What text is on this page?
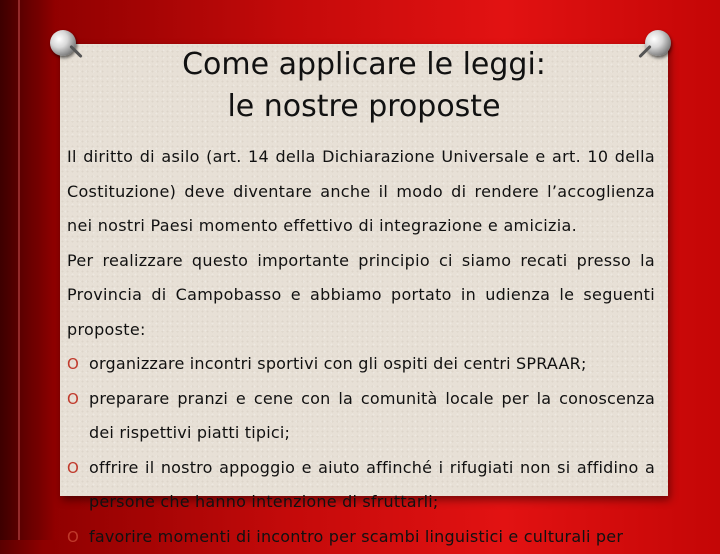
Come applicare le leggi:
le nostre proposte

Il diritto di asilo (art. 14 della Dichiarazione Universale e art. 10 della Costituzione) deve diventare anche il modo di rendere l’accoglienza nei nostri Paesi momento effettivo di integrazione e amicizia.

Per realizzare questo importante principio ci siamo recati presso la Provincia di Campobasso e abbiamo portato in udienza le seguenti proposte:

O organizzare incontri sportivi con gli ospiti dei centri SPRAAR;
O preparare pranzi e cene con la comunità locale per la conoscenza dei rispettivi piatti tipici;
O offrire il nostro appoggio e aiuto affinché i rifugiati non si affidino a persone che hanno intenzione di sfruttarli;
O favorire momenti di incontro per scambi linguistici e culturali per
